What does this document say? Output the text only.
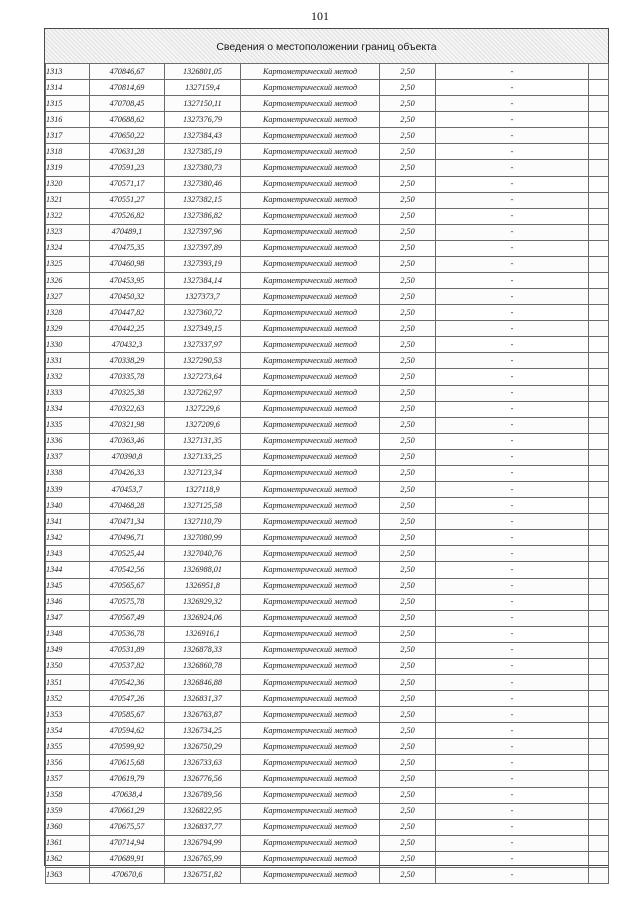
101
Сведения о местоположении границ объекта
1313	470846,67	1326801,05	Картометрический метод	2,50	-	
1314	470814,69	1327159,4	Картометрический метод	2,50	-	
1315	470708,45	1327150,11	Картометрический метод	2,50	-	
1316	470688,62	1327376,79	Картометрический метод	2,50	-	
1317	470650,22	1327384,43	Картометрический метод	2,50	-	
1318	470631,28	1327385,19	Картометрический метод	2,50	-	
1319	470591,23	1327380,73	Картометрический метод	2,50	-	
1320	470571,17	1327380,46	Картометрический метод	2,50	-	
1321	470551,27	1327382,15	Картометрический метод	2,50	-	
1322	470526,82	1327386,82	Картометрический метод	2,50	-	
1323	470489,1	1327397,96	Картометрический метод	2,50	-	
1324	470475,35	1327397,89	Картометрический метод	2,50	-	
1325	470460,98	1327393,19	Картометрический метод	2,50	-	
1326	470453,95	1327384,14	Картометрический метод	2,50	-	
1327	470450,32	1327373,7	Картометрический метод	2,50	-	
1328	470447,82	1327360,72	Картометрический метод	2,50	-	
1329	470442,25	1327349,15	Картометрический метод	2,50	-	
1330	470432,3	1327337,97	Картометрический метод	2,50	-	
1331	470338,29	1327290,53	Картометрический метод	2,50	-	
1332	470335,78	1327273,64	Картометрический метод	2,50	-	
1333	470325,38	1327262,97	Картометрический метод	2,50	-	
1334	470322,63	1327229,6	Картометрический метод	2,50	-	
1335	470321,98	1327209,6	Картометрический метод	2,50	-	
1336	470363,46	1327131,35	Картометрический метод	2,50	-	
1337	470390,8	1327133,25	Картометрический метод	2,50	-	
1338	470426,33	1327123,34	Картометрический метод	2,50	-	
1339	470453,7	1327118,9	Картометрический метод	2,50	-	
1340	470468,28	1327125,58	Картометрический метод	2,50	-	
1341	470471,34	1327110,79	Картометрический метод	2,50	-	
1342	470496,71	1327080,99	Картометрический метод	2,50	-	
1343	470525,44	1327040,76	Картометрический метод	2,50	-	
1344	470542,56	1326988,01	Картометрический метод	2,50	-	
1345	470565,67	1326951,8	Картометрический метод	2,50	-	
1346	470575,78	1326929,32	Картометрический метод	2,50	-	
1347	470567,49	1326924,06	Картометрический метод	2,50	-	
1348	470536,78	1326916,1	Картометрический метод	2,50	-	
1349	470531,89	1326878,33	Картометрический метод	2,50	-	
1350	470537,82	1326860,78	Картометрический метод	2,50	-	
1351	470542,36	1326846,88	Картометрический метод	2,50	-	
1352	470547,26	1326831,37	Картометрический метод	2,50	-	
1353	470585,67	1326763,87	Картометрический метод	2,50	-	
1354	470594,62	1326734,25	Картометрический метод	2,50	-	
1355	470599,92	1326750,29	Картометрический метод	2,50	-	
1356	470615,68	1326733,63	Картометрический метод	2,50	-	
1357	470619,79	1326776,56	Картометрический метод	2,50	-	
1358	470638,4	1326789,56	Картометрический метод	2,50	-	
1359	470661,29	1326822,95	Картометрический метод	2,50	-	
1360	470675,57	1326837,77	Картометрический метод	2,50	-	
1361	470714,94	1326794,99	Картометрический метод	2,50	-	
1362	470689,91	1326765,99	Картометрический метод	2,50	-	
1363	470670,6	1326751,82	Картометрический метод	2,50	-	
